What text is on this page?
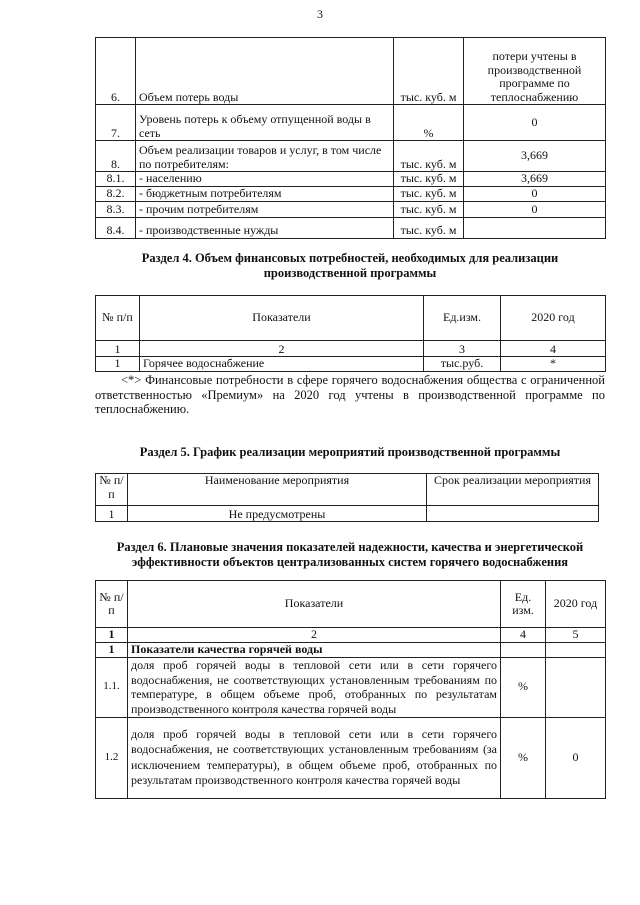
3
6.	Объем потерь воды	тыс. куб. м	потери учтены в производственной программе по теплоснабжению
7.	Уровень потерь к объему отпущенной воды в сеть	%	0
8.	Объем реализации товаров и услуг, в том числе по потребителям:	тыс. куб. м	3,669
8.1.	- населению	тыс. куб. м	3,669
8.2.	- бюджетным потребителям	тыс. куб. м	0
8.3.	- прочим потребителям	тыс. куб. м	0
8.4.	- производственные нужды	тыс. куб. м	
Раздел 4. Объем финансовых потребностей, необходимых для реализации производственной программы
№ п/п	Показатели	Ед.изм.	2020 год
1	2	3	4
1	Горячее водоснабжение	тыс.руб.	*
<*> Финансовые потребности в сфере горячего водоснабжения общества с ограниченной ответственностью «Премиум» на 2020 год учтены в производственной программе по теплоснабжению.
Раздел 5. График реализации мероприятий производственной программы
№ п/п	Наименование мероприятия	Срок реализации мероприятия
1	Не предусмотрены	
Раздел 6. Плановые значения показателей надежности, качества и энергетической эффективности объектов централизованных систем горячего водоснабжения
№ п/ п	Показатели	Ед. изм.	2020 год
1	2	4	5
1	Показатели качества горячей воды		
1.1.	доля проб горячей воды в тепловой сети или в сети горячего водоснабжения, не соответствующих установленным требованиям по температуре, в общем объеме проб, отобранных по результатам производственного контроля качества горячей воды	%	
1.2	доля проб горячей воды в тепловой сети или в сети горячего водоснабжения, не соответствующих установленным требованиям (за исключением температуры), в общем объеме проб, отобранных по результатам производственного контроля качества горячей воды	%	0
